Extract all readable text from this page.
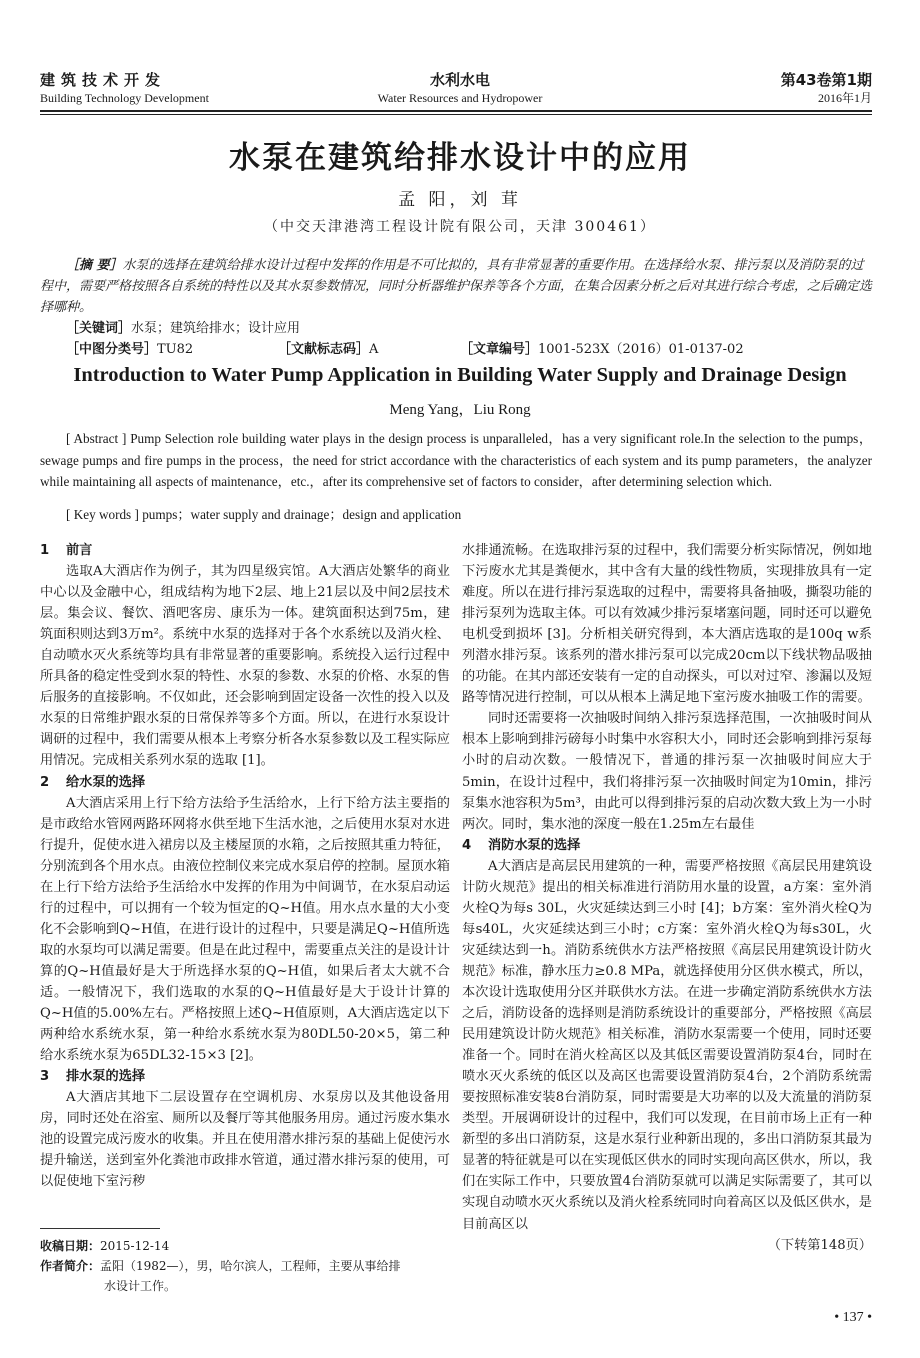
建筑技术开发
Building Technology Development
水利水电
Water Resources and Hydropower
第43卷第1期
2016年1月
水泵在建筑给排水设计中的应用
孟 阳，刘 茸
（中交天津港湾工程设计院有限公司，天津 300461）
［摘 要］水泵的选择在建筑给排水设计过程中发挥的作用是不可比拟的，具有非常显著的重要作用。在选择给水泵、排污泵以及消防泵的过程中，需要严格按照各自系统的特性以及其水泵参数情况，同时分析器维护保养等各个方面，在集合因素分析之后对其进行综合考虑，之后确定选择哪种。
［关键词］水泵；建筑给排水；设计应用
［中图分类号］TU82	［文献标志码］A	［文章编号］1001-523X（2016）01-0137-02
Introduction to Water Pump Application in Building Water Supply and Drainage Design
Meng Yang，Liu Rong
[ Abstract ] Pump Selection role building water plays in the design process is unparalleled，has a very significant role.In the selection to the pumps，sewage pumps and fire pumps in the process，the need for strict accordance with the characteristics of each system and its pump parameters，the analyzer while maintaining all aspects of maintenance，etc.，after its comprehensive set of factors to consider，after determining selection which.
[ Key words ] pumps；water supply and drainage；design and application
1 前言

选取A大酒店作为例子，其为四星级宾馆。A大酒店处繁华的商业中心以及金融中心，组成结构为地下2层、地上21层以及中间2层技术层。集会议、餐饮、酒吧客房、康乐为一体。建筑面积达到75m，建筑面积则达到3万m²。系统中水泵的选择对于各个水系统以及消火栓、自动喷水灭火系统等均具有非常显著的重要影响。系统投入运行过程中所具备的稳定性受到水泵的特性、水泵的参数、水泵的价格、水泵的售后服务的直接影响。不仅如此，还会影响到固定设备一次性的投入以及水泵的日常维护跟水泵的日常保养等多个方面。所以，在进行水泵设计调研的过程中，我们需要从根本上考察分析各水泵参数以及工程实际应用情况。完成相关系列水泵的选取 [1]。

2 给水泵的选择

A大酒店采用上行下给方法给予生活给水，上行下给方法主要指的是市政给水管网两路环网将水供至地下生活水池，之后使用水泵对水进行提升，促使水进入裙房以及主楼屋顶的水箱，之后按照其重力特征，分别流到各个用水点。由液位控制仪来完成水泵启停的控制。屋顶水箱在上行下给方法给予生活给水中发挥的作用为中间调节，在水泵启动运行的过程中，可以拥有一个较为恒定的Q~H值。用水点水量的大小变化不会影响到Q~H值，在进行设计的过程中，只要是满足Q~H值所选取的水泵均可以满足需要。但是在此过程中，需要重点关注的是设计计算的Q~H值最好是大于所选择水泵的Q~H值，如果后者太大就不合适。一般情况下，我们选取的水泵的Q~H值最好是大于设计计算的Q~H值的5.00%左右。严格按照上述Q~H值原则，A大酒店选定以下两种给水系统水泵，第一种给水系统水泵为80DL50-20×5，第二种给水系统水泵为65DL32-15×3 [2]。

3 排水泵的选择

A大酒店其地下二层设置存在空调机房、水泵房以及其他设备用房，同时还处在浴室、厕所以及餐厅等其他服务用房。通过污废水集水池的设置完成污废水的收集。并且在使用潜水排污泵的基础上促使污水提升输送，送到室外化粪池市政排水管道，通过潜水排污泵的使用，可以促使地下室污秽

水排通流畅。在选取排污泵的过程中，我们需要分析实际情况，例如地下污废水尤其是粪便水，其中含有大量的线性物质，实现排放具有一定难度。所以在进行排污泵选取的过程中，需要将具备抽吸，撕裂功能的排污泵列为选取主体。可以有效减少排污泵堵塞问题，同时还可以避免电机受到损坏 [3]。分析相关研究得到，本大酒店选取的是100q w系列潜水排污泵。该系列的潜水排污泵可以完成20cm以下线状物品吸抽的功能。在其内部还安装有一定的自动探头，可以对过窄、渗漏以及短路等情况进行控制，可以从根本上满足地下室污废水抽吸工作的需要。

同时还需要将一次抽吸时间纳入排污泵选择范围，一次抽吸时间从根本上影响到排污磅每小时集中水容积大小，同时还会影响到排污泵每小时的启动次数。一般情况下，普通的排污泵一次抽吸时间应大于5min，在设计过程中，我们将排污泵一次抽吸时间定为10min，排污泵集水池容积为5m³，由此可以得到排污泵的启动次数大致上为一小时两次。同时，集水池的深度一般在1.25m左右最佳

4 消防水泵的选择

A大酒店是高层民用建筑的一种，需要严格按照《高层民用建筑设计防火规范》提出的相关标准进行消防用水量的设置，a方案：室外消火栓Q为每s 30L，火灾延续达到三小时 [4]；b方案：室外消火栓Q为每s40L，火灾延续达到三小时；c方案：室外消火栓Q为每s30L，火灾延续达到一h。消防系统供水方法严格按照《高层民用建筑设计防火规范》标准，静水压力≥0.8 MPa，就选择使用分区供水模式，所以，本次设计选取使用分区并联供水方法。在进一步确定消防系统供水方法之后，消防设备的选择则是消防系统设计的重要部分，严格按照《高层民用建筑设计防火规范》相关标准，消防水泵需要一个使用，同时还要准备一个。同时在消火栓高区以及其低区需要设置消防泵4台，同时在喷水灭火系统的低区以及高区也需要设置消防泵4台，2个消防系统需要按照标准安装8台消防泵，同时需要是大功率的以及大流量的消防泵类型。开展调研设计的过程中，我们可以发现，在目前市场上正有一种新型的多出口消防泵，这是水泵行业种新出现的，多出口消防泵其最为显著的特征就是可以在实现低区供水的同时实现向高区供水，所以，我们在实际工作中，只要放置4台消防泵就可以满足实际需要了，其可以实现自动喷水灭火系统以及消火栓系统同时向着高区以及低区供水，是目前高区以

（下转第148页）
收稿日期：2015-12-14
作者简介：孟阳（1982—），男，哈尔滨人，工程师，主要从事给排
水设计工作。
• 137 •
